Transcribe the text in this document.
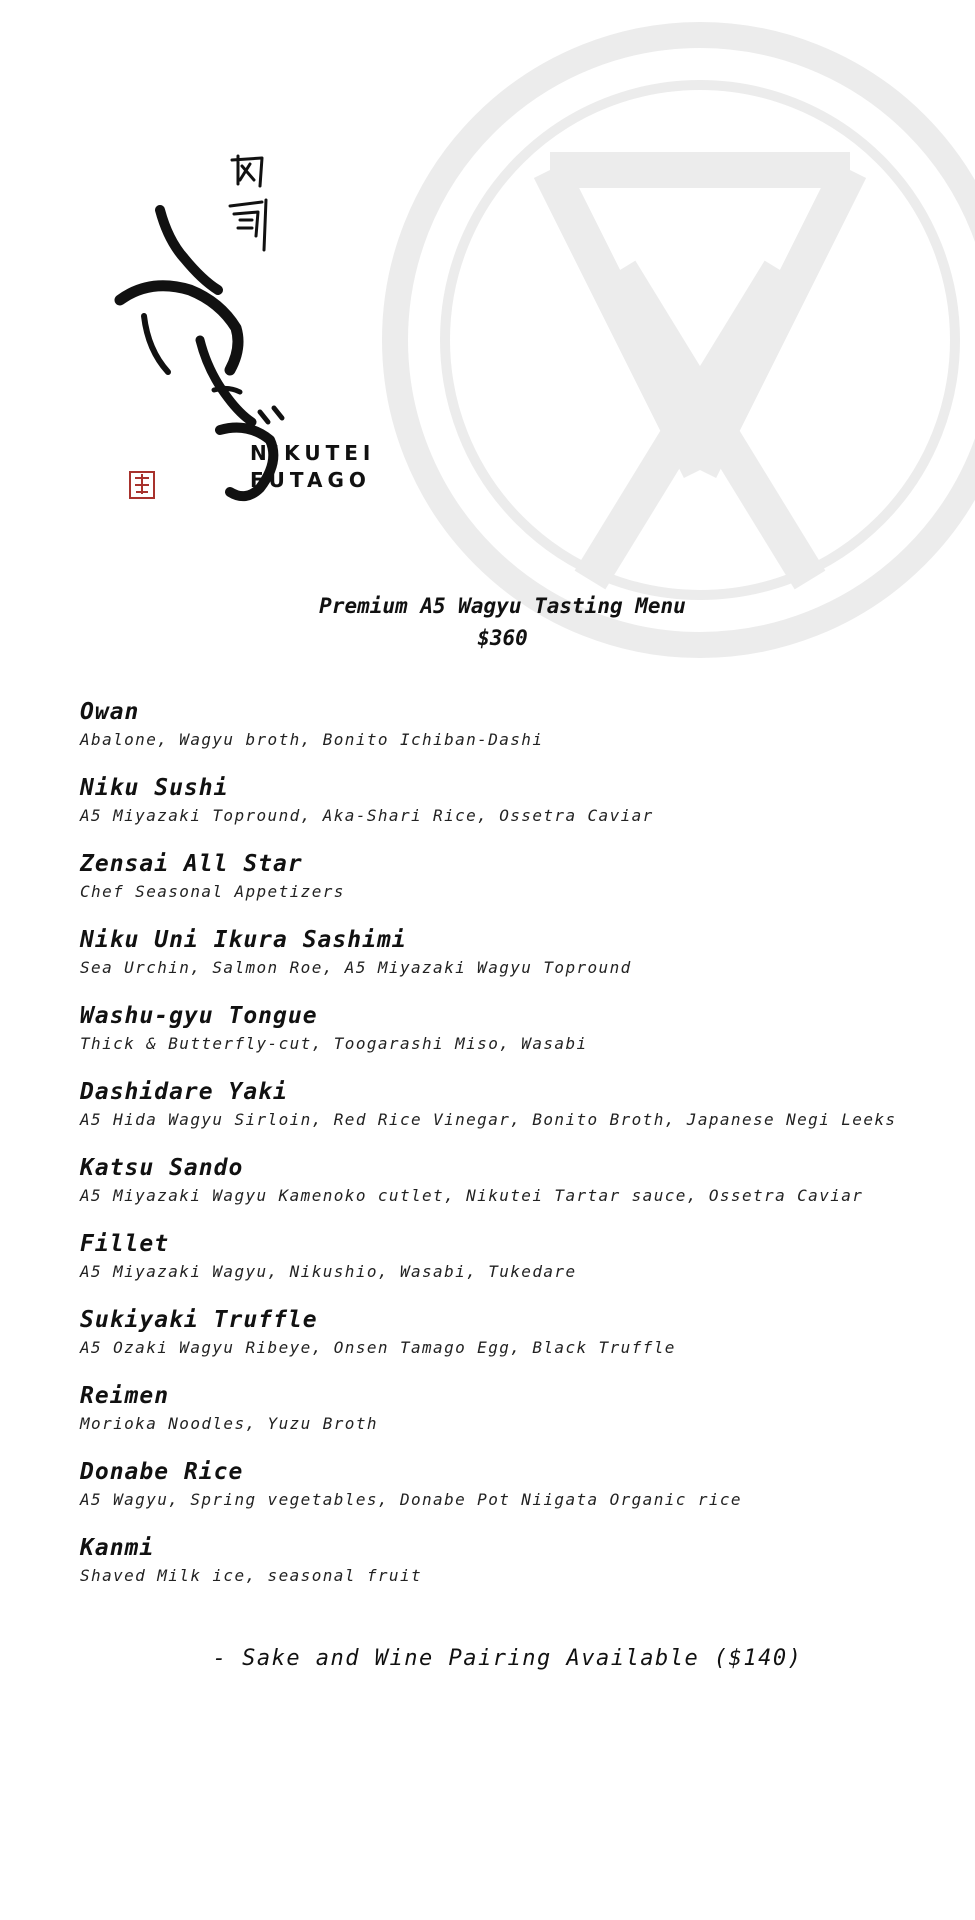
NIKUTEI
FUTAGO
Premium A5 Wagyu Tasting Menu
$360
Owan
Abalone, Wagyu broth, Bonito Ichiban-Dashi
Niku Sushi
A5 Miyazaki Topround, Aka-Shari Rice, Ossetra Caviar
Zensai All Star
Chef Seasonal Appetizers
Niku Uni Ikura Sashimi
Sea Urchin, Salmon Roe, A5 Miyazaki Wagyu Topround
Washu-gyu Tongue
Thick & Butterfly-cut, Toogarashi Miso, Wasabi
Dashidare Yaki
A5 Hida Wagyu Sirloin, Red Rice Vinegar, Bonito Broth, Japanese Negi Leeks
Katsu Sando
A5 Miyazaki Wagyu Kamenoko cutlet, Nikutei Tartar sauce, Ossetra Caviar
Fillet
A5 Miyazaki Wagyu, Nikushio, Wasabi, Tukedare
Sukiyaki Truffle
A5 Ozaki Wagyu Ribeye, Onsen Tamago Egg, Black Truffle
Reimen
Morioka Noodles, Yuzu Broth
Donabe Rice
A5 Wagyu, Spring vegetables, Donabe Pot Niigata Organic rice
Kanmi
Shaved Milk ice, seasonal fruit
- Sake and Wine Pairing Available ($140)
